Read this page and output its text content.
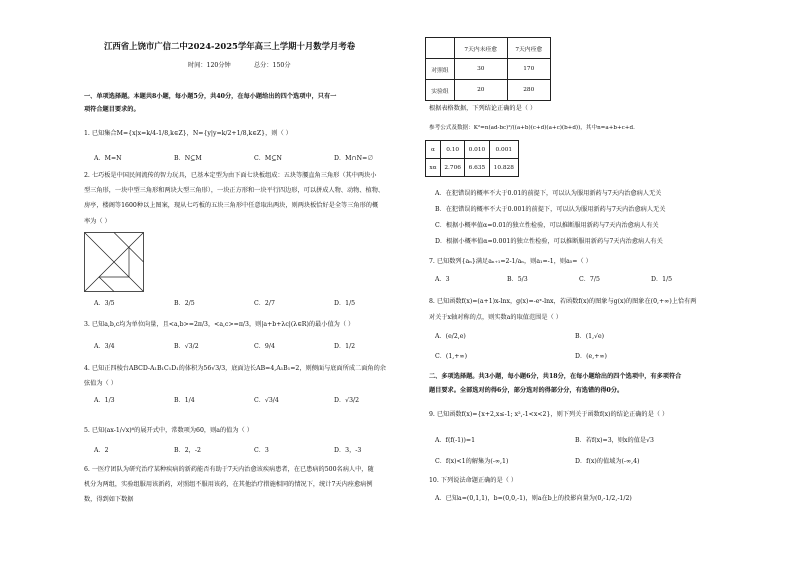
江西省上饶市广信二中2024-2025学年高三上学期十月数学月考卷
时间：120分钟	总分：150分
一、单项选择题。本题共8小题，每小题5分，共40分，在每小题给出的四个选项中，只有一
项符合题目要求的。
1. 已知集合M={x|x=k/4-1/8,k∈Z}，N={y|y=k/2+1/8,k∈Z}，则（ ）
A．M=N	B．N⊆M	C．M⊆N	D．M∩N=∅
2. 七巧板是中国民间流传的智力玩具，已基本定型为由下面七块板组成：五块等腰直角三角形（其中两块小
型三角形，一块中型三角形和两块大型三角形），一块正方形和一块平行四边形，可以拼成人物、动物、植物、
房亭，楼阁等1600种以上图案，现从七巧板的五块三角形中任意取出两块，则两块板恰好是全等三角形的概
率为（ ）
A．3/5	B．2/5	C．2/7	D．1/5
3. 已知a,b,c均为单位向量，且<a,b>=2π/3，<a,c>=π/3，则|a+b+λc|(λ∈R)的最小值为（ ）
A．3/4	B．√3/2	C．9/4	D．1/2
4. 已知正四棱台ABCD-A₁B₁C₁D₁的体积为56√3/3，底面边长AB=4,A₁B₁=2，则侧面与底面所成二面角的余
弦值为（ ）
A．1/3	B．1/4	C．√3/4	D．√3/2
5. 已知(ax-1/√x)⁶的展开式中，常数项为60，则a的值为（ ）
A．2	B．2，-2	C．3	D．3，-3
6. 一医疗团队为研究治疗某种疾病的新药能否有助于7天内治愈该疾病患者，在已患病的500名病人中，随
机分为两组，实验组服用该新药，对照组不服用该药，在其他治疗措施相同的情况下，统计7天内痊愈病例
数，得到如下数据
	7天内未痊愈	7天内痊愈
对照组	30	170
实验组	20	280
根据表格数据，下列结论正确的是（ ）
参考公式及数据：K²=n(ad-bc)²/((a+b)(c+d)(a+c)(b+d))，其中n=a+b+c+d．
α	0.10	0.010	0.001
xα	2.706	6.635	10.828
A．在犯错误的概率不大于0.01的前提下，可以认为服用新药与7天内治愈病人无关
B．在犯错误的概率不大于0.001的前提下，可以认为服用新药与7天内治愈病人无关
C．根据小概率值α=0.01的独立性检验，可以推断服用新药与7天内治愈病人有关
D．根据小概率值α=0.001的独立性检验，可以推断服用新药与7天内治愈病人有关
7. 已知数列{aₙ}满足aₙ₊₁=2-1/aₙ，则a₁=-1，则a₅=（ ）
A．3	B．5/3	C．7/5	D．1/5
8. 已知函数f(x)=(a+1)x-lnx，g(x)=-eˣ-lnx，若函数f(x)的图象与g(x)的图象在(0,+∞)上恰有两
对关于x轴对称的点，则实数a的取值范围是（ ）
A．(e/2,e)	B．(1,√e)
C．(1,+∞)	D．(e,+∞)
二、多项选择题。共3小题，每小题6分，共18分，在每小题给出的四个选项中，有多项符合
题目要求。全部选对的得6分，部分选对的得部分分，有选错的得0分。
9. 已知函数f(x)={x+2,x≤-1; x²,-1<x<2}，则下列关于函数f(x)的结论正确的是（ ）
A．f(f(-1))=1	B．若f(x)=3，则x的值是√3
C．f(x)<1的解集为(-∞,1)	D．f(x)的值域为(-∞,4)
10. 下列说法命题正确的是（ ）
A．已知a=(0,1,1)，b=(0,0,-1)，则a在b上的投影向量为(0,-1/2,-1/2)
